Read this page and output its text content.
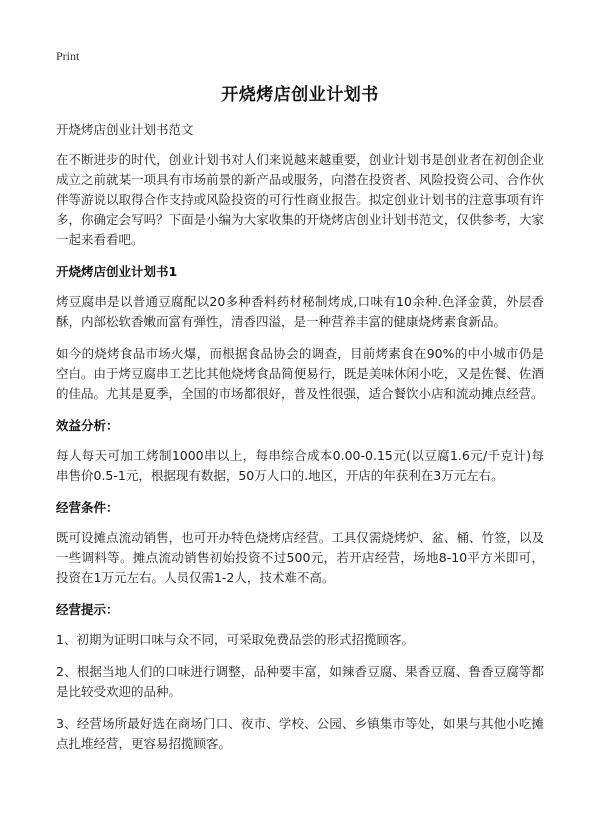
Print
开烧烤店创业计划书
开烧烤店创业计划书范文

在不断进步的时代，创业计划书对人们来说越来越重要，创业计划书是创业者在初创企业成立之前就某一项具有市场前景的新产品或服务，向潜在投资者、风险投资公司、合作伙伴等游说以取得合作支持或风险投资的可行性商业报告。拟定创业计划书的注意事项有许多，你确定会写吗？下面是小编为大家收集的开烧烤店创业计划书范文，仅供参考，大家一起来看看吧。

开烧烤店创业计划书1

烤豆腐串是以普通豆腐配以20多种香料药材秘制烤成,口味有10余种.色泽金黄，外层香酥，内部松软香嫩而富有弹性，清香四溢，是一种营养丰富的健康烧烤素食新品。

如今的烧烤食品市场火爆，而根据食品协会的调查，目前烤素食在90%的中小城市仍是空白。由于烤豆腐串工艺比其他烧烤食品简便易行，既是美味休闲小吃，又是佐餐、佐酒的佳品。尤其是夏季，全国的市场都很好，普及性很强，适合餐饮小店和流动摊点经营。

效益分析：

每人每天可加工烤制1000串以上，每串综合成本0.00-0.15元(以豆腐1.6元/千克计)每串售价0.5-1元，根据现有数据，50万人口的.地区，开店的年获利在3万元左右。

经营条件：

既可设摊点流动销售，也可开办特色烧烤店经营。工具仅需烧烤炉、盆、桶、竹签，以及一些调料等。摊点流动销售初始投资不过500元，若开店经营，场地8-10平方米即可，投资在1万元左右。人员仅需1-2人，技术难不高。

经营提示：

1、初期为证明口味与众不同，可采取免费品尝的形式招揽顾客。

2、根据当地人们的口味进行调整，品种要丰富，如辣香豆腐、果香豆腐、鲁香豆腐等都是比较受欢迎的品种。

3、经营场所最好选在商场门口、夜市、学校、公园、乡镇集市等处，如果与其他小吃摊点扎堆经营，更容易招揽顾客。
